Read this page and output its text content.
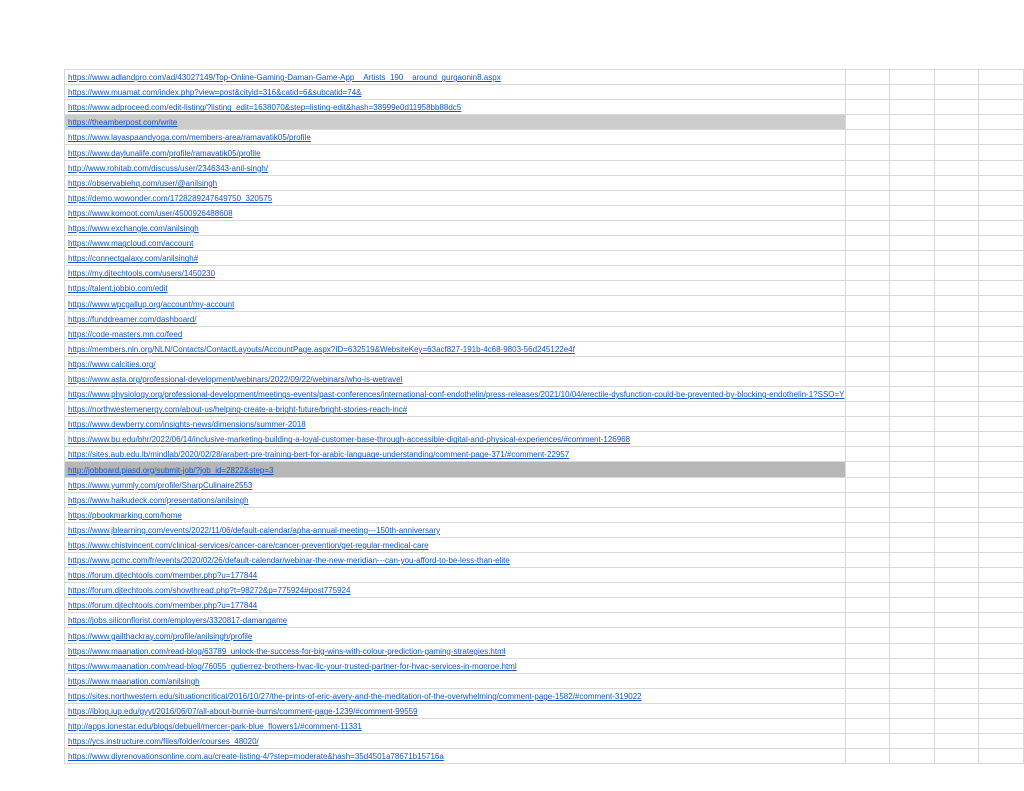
https://www.adlandpro.com/ad/43027149/Top-Online-Gaming-Daman-Game-App__Artists_190__around_gurgaonin8.aspx				
https://www.muamat.com/index.php?view=post&cityid=316&catid=6&subcatid=74&				
https://www.adproceed.com/edit-listing/?listing_edit=1638070&step=listing-edit&hash=38999e0d11958bb88dc5				
https://theamberpost.com/write				
https://www.layaspaandyoga.com/members-area/ramavatik05/profile				
https://www.daylunalife.com/profile/ramavatik05/profile				
http://www.rohitab.com/discuss/user/2346343-anil-singh/				
https://observablehq.com/user/@anilsingh				
https://demo.wowonder.com/1728289247649750_320575				
https://www.komoot.com/user/4500926488608				
https://www.exchangle.com/anilsingh				
https://www.magcloud.com/account				
https://connectgalaxy.com/anilsingh#				
https://my.djtechtools.com/users/1450230				
https://talent.jobbio.com/edit				
https://www.wpcgallup.org/account/my-account				
https://funddreamer.com/dashboard/				
https://code-masters.mn.co/feed				
https://members.nln.org/NLN/Contacts/ContactLayouts/AccountPage.aspx?ID=632519&WebsiteKey=63acf827-191b-4c68-9803-56d245122e4f				
https://www.calcities.org/				
https://www.asta.org/professional-development/webinars/2022/09/22/webinars/who-is-wetravel				
https://www.physiology.org/professional-development/meetings-events/past-conferences/international-conf-endothelin/press-releases/2021/10/04/erectile-dysfunction-could-be-prevented-by-blocking-endothelin-1?SSO=Y				
https://northwesternenergy.com/about-us/helping-create-a-bright-future/bright-stories-reach-inc#				
https://www.dewberry.com/insights-news/dimensions/summer-2018				
https://www.bu.edu/bhr/2022/06/14/inclusive-marketing-building-a-loyal-customer-base-through-accessible-digital-and-physical-experiences/#comment-126968				
https://sites.aub.edu.lb/mindlab/2020/02/28/arabert-pre-training-bert-for-arabic-language-understanding/comment-page-371/#comment-22957				
http://jobboard.piasd.org/submit-job/?job_id=2822&step=3				
https://www.yummly.com/profile/SharpCulinaire2553				
https://www.haikudeck.com/presentations/anilsingh				
https://pbookmarking.com/home				
https://www.jblearning.com/events/2022/11/06/default-calendar/apha-annual-meeting---150th-anniversary				
https://www.chistvincent.com/clinical-services/cancer-care/cancer-prevention/get-regular-medical-care				
https://www.pcmc.com/fr/events/2020/02/26/default-calendar/webinar-the-new-meridian---can-you-afford-to-be-less-than-elite				
https://forum.djtechtools.com/member.php?u=177844				
https://forum.djtechtools.com/showthread.php?t=98272&p=775924#post775924				
https://forum.djtechtools.com/member.php?u=177844				
https://jobs.siliconflorist.com/employers/3320817-damangame				
https://www.gailthackray.com/profile/anilsingh/profile				
https://www.maanation.com/read-blog/63789_unlock-the-success-for-big-wins-with-colour-prediction-gaming-strategies.html				
https://www.maanation.com/read-blog/76055_gutierrez-brothers-hvac-llc-your-trusted-partner-for-hvac-services-in-monroe.html				
https://www.maanation.com/anilsingh				
https://sites.northwestern.edu/situationcritical/2016/10/27/the-prints-of-eric-avery-and-the-meditation-of-the-overwhelming/comment-page-1582/#comment-319022				
https://iblog.iup.edu/gyyt/2016/06/07/all-about-burnie-burns/comment-page-1239/#comment-99559				
http://apps.lonestar.edu/blogs/debuell/mercer-park-blue_flowers1/#comment-11331				
https://ycs.instructure.com/files/folder/courses_48020/				
https://www.diyrenovationsonline.com.au/create-listing-4/?step=moderate&hash=35d4501a78671b15716a				
